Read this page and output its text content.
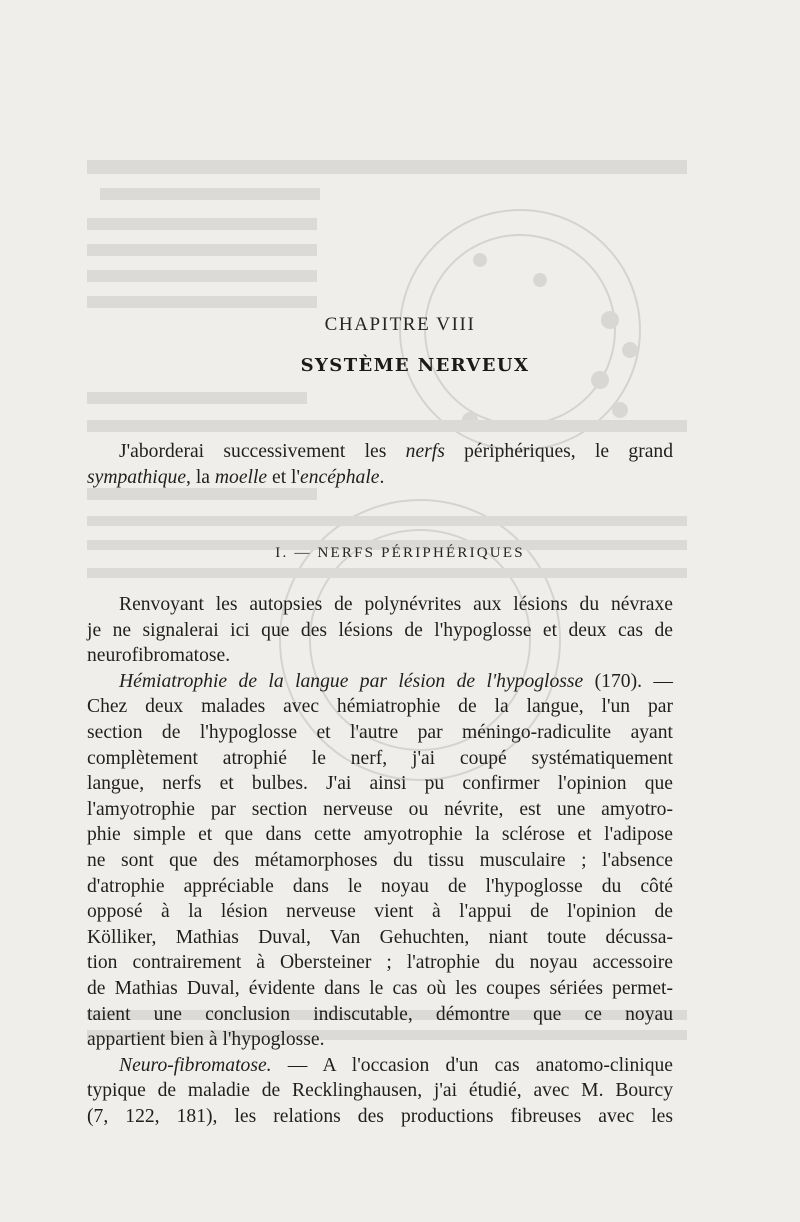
CHAPITRE VIII
SYSTÈME NERVEUX
J'aborderai successivement les nerfs périphériques, le grand
sympathique, la moelle et l'encéphale.
I. — NERFS PÉRIPHÉRIQUES
Renvoyant les autopsies de polynévrites aux lésions du névraxe
je ne signalerai ici que des lésions de l'hypoglosse et deux cas de
neurofibromatose.
Hémiatrophie de la langue par lésion de l'hypoglosse (170). —
Chez deux malades avec hémiatrophie de la langue, l'un par
section de l'hypoglosse et l'autre par méningo-radiculite ayant
complètement atrophié le nerf, j'ai coupé systématiquement
langue, nerfs et bulbes. J'ai ainsi pu confirmer l'opinion que
l'amyotrophie par section nerveuse ou névrite, est une amyotro-
phie simple et que dans cette amyotrophie la sclérose et l'adipose
ne sont que des métamorphoses du tissu musculaire ; l'absence
d'atrophie appréciable dans le noyau de l'hypoglosse du côté
opposé à la lésion nerveuse vient à l'appui de l'opinion de
Kölliker, Mathias Duval, Van Gehuchten, niant toute décussa-
tion contrairement à Obersteiner ; l'atrophie du noyau accessoire
de Mathias Duval, évidente dans le cas où les coupes sériées permet-
taient une conclusion indiscutable, démontre que ce noyau
appartient bien à l'hypoglosse.
Neuro-fibromatose. — A l'occasion d'un cas anatomo-clinique
typique de maladie de Recklinghausen, j'ai étudié, avec M. Bourcy
(7, 122, 181), les relations des productions fibreuses avec les
